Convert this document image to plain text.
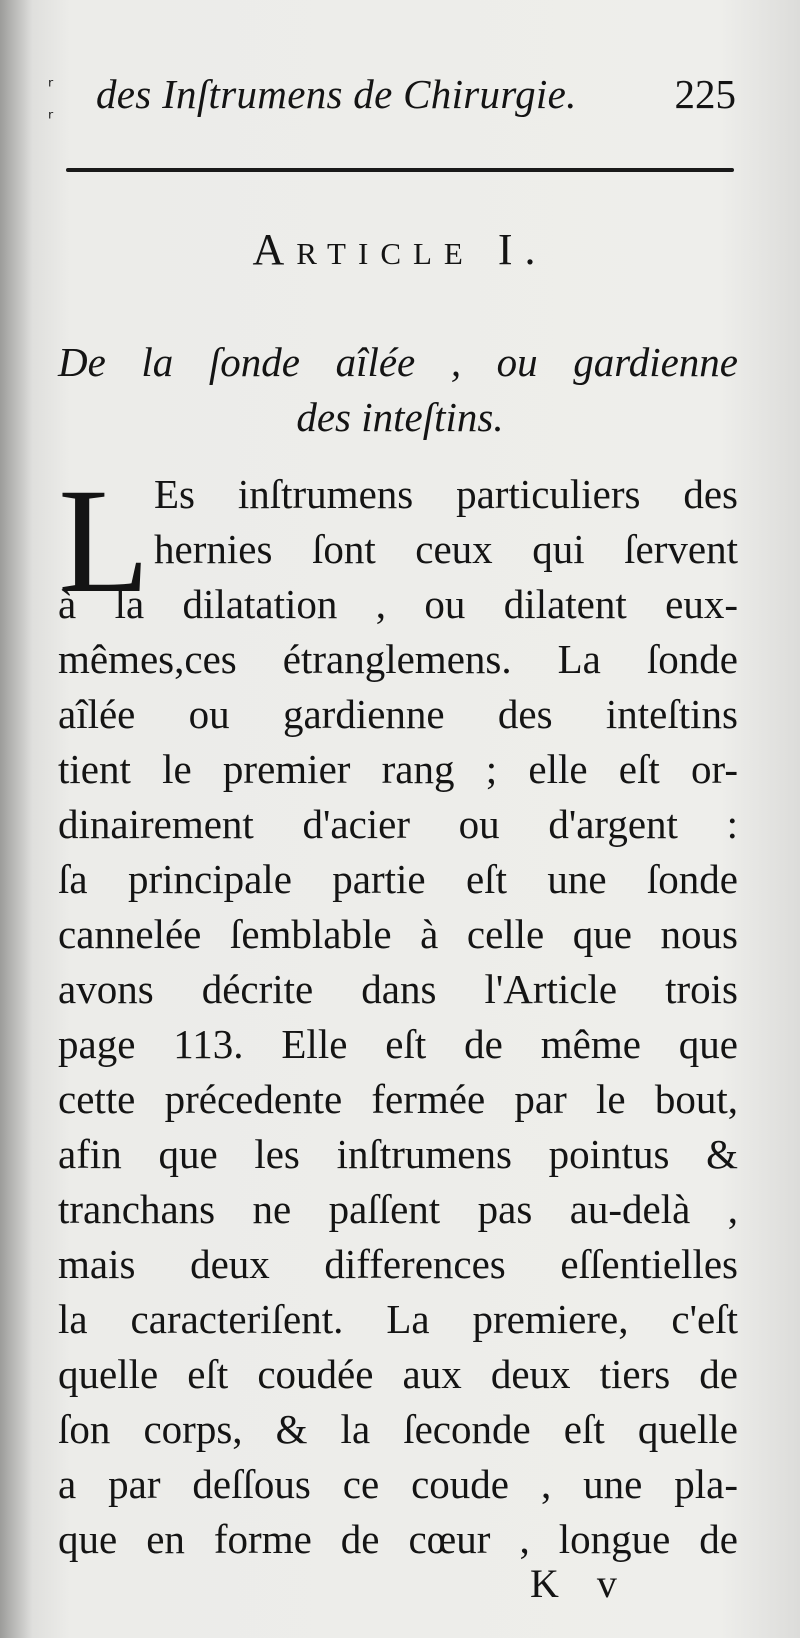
ʳ
ʳ
des Inſtrumens de Chirurgie. 225
Article I.
De la ſonde aîlée , ou gardienne
des inteſtins.
L Es inſtrumens particuliers des
hernies ſont ceux qui ſervent
à la dilatation , ou dilatent eux-
mêmes,ces étranglemens. La ſonde
aîlée ou gardienne des inteſtins
tient le premier rang ; elle eſt or-
dinairement d'acier ou d'argent :
ſa principale partie eſt une ſonde
cannelée ſemblable à celle que nous
avons décrite dans l'Article trois
page 113. Elle eſt de même que
cette précedente fermée par le bout,
afin que les inſtrumens pointus &
tranchans ne paſſent pas au-delà ,
mais deux differences eſſentielles
la caracteriſent. La premiere, c'eſt
quelle eſt coudée aux deux tiers de
ſon corps, & la ſeconde eſt quelle
a par deſſous ce coude , une pla-
que en forme de cœur , longue de
K v
